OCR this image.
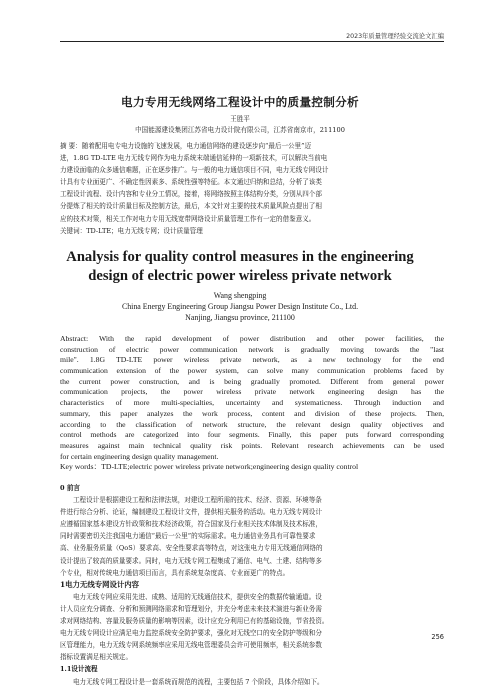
2023年质量管理经验交流论文汇编
电力专用无线网络工程设计中的质量控制分析
王胜平
中国能源建设集团江苏省电力设计院有限公司，江苏省南京市，211100
摘 要：随着配用电专电力设施的飞速发展，电力通信网络的建设逐步向“最后一公里”迈
进，1.8G TD-LTE 电力无线专网作为电力系统末端通信延伸的一项新技术，可以解决当前电
力建设面临的众多通信难题，正在逐步推广。与一般的电力通信项目不同，电力无线专网设计
计具有专业面更广、不确定性因素多、系统性强等特征。本文通过归纳和总结，分析了该类
工程设计流程、设计内容和专业分工情况，接着，将网络按照主体结构分类，分别从四个部
分提炼了相关的设计质量目标及控制方法，最后，本文针对主要的技术质量风险点提出了相
应的技术对策，相关工作对电力专用无线宽带网络设计质量管理工作有一定的借鉴意义。
关键词：TD-LTE；电力无线专网；设计质量管理
Analysis for quality control measures in the engineering
design of electric power wireless private network
Wang shengping
China Energy Engineering Group Jiangsu Power Design Institute Co., Ltd.
Nanjing, Jiangsu province, 211100
Abstract: With the rapid development of power distribution and other power facilities, the
construction of electric power communication network is gradually moving towards the "last
mile". 1.8G TD-LTE power wireless private network, as a new technology for the end
communication extension of the power system, can solve many communication problems faced by
the current power construction, and is being gradually promoted. Different from general power
communication projects, the power wireless private network engineering design has the
characteristics of more multi-specialties, uncertainty and systematicness. Through induction and
summary, this paper analyzes the work process, content and division of these projects. Then,
according to the classification of network structure, the relevant design quality objectives and
control methods are categorized into four segments. Finally, this paper puts forward corresponding
measures against main technical quality risk points. Relevant research achievements can be used
for certain engineering design quality management.
Key words：TD-LTE;electric power wireless private network;engineering design quality control
0 前言
工程设计是根据建设工程和法律法规，对建设工程所需的技术、经济、资源、环境等条
件进行综合分析、论证，编制建设工程设计文件，提供相关服务的活动。电力无线专网设计
应遵循国家基本建设方针政策和技术经济政策，符合国家及行业相关技术体制及技术标准，
同时需要密切关注我国电力通信“最后一公里”的实际需求。电力通信业务具有可靠性要求
高、业务服务质量（QoS）要求高、安全性要求高等特点，对这张电力专用无线通信网络的
设计提出了较高的质量要求。同时，电力无线专网工程集成了通信、电气、土建、结构等多
个专业，相对传统电力通信项目而言，具有系统复杂度高、专业面更广的特点。
1电力无线专网设计内容
电力无线专网应采用先进、成熟、适用的无线通信技术，提供安全的数据传输通道。设
计人员应充分调查、分析和预测网络需求和管理划分，并充分考虑未来技术演进与新业务需
求对网络结构、容量及服务质量的影响等因素，设计应充分利用已有的基础设施，节省投资。
电力无线专网设计应满足电力监控系统安全防护要求，强化对无线空口的安全防护等级和分
区管理能力，电力无线专网系统频率应采用无线电管理委员会许可使用频率，相关系统参数
指标设置满足相关规定。
1.1设计流程
电力无线专网工程设计是一套系统而规范的流程，主要包括 7 个阶段，具体介绍如下。
256
